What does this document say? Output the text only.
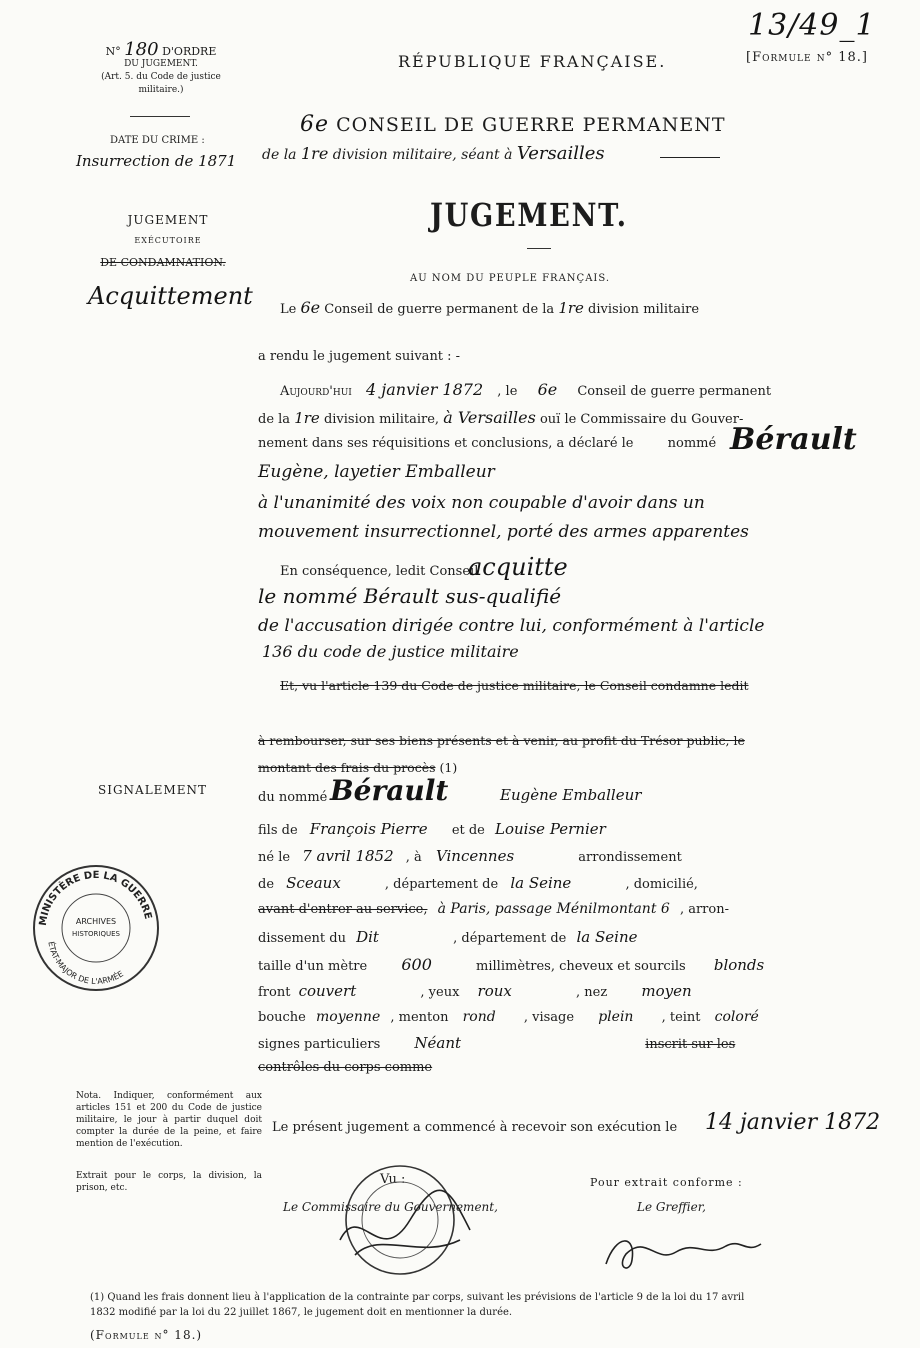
13/49_1
[Formule n° 18.]
N° 180 D'ORDRE
DU JUGEMENT.
(Art. 5. du Code de justice
militaire.)
RÉPUBLIQUE FRANÇAISE.
DATE DU CRIME :
Insurrection de 1871
6e CONSEIL DE GUERRE PERMANENT
de la 1re division militaire, séant à Versailles
JUGEMENT.
JUGEMENT
EXÉCUTOIRE
DE CONDAMNATION.
Acquittement
AU NOM DU PEUPLE FRANÇAIS.
Le 6e Conseil de guerre permanent de la 1re division militaire
a rendu le jugement suivant : -
Aujourd'hui 4 janvier 1872 , le 6e Conseil de guerre permanent
de la 1re division militaire, à Versailles ouï le Commissaire du Gouver-
nement dans ses réquisitions et conclusions, a déclaré le	nommé Bérault
Eugène, layetier Emballeur
à l'unanimité des voix non coupable d'avoir dans un
mouvement insurrectionnel, porté des armes apparentes
En conséquence, ledit Conseil
acquitte
le nommé Bérault sus-qualifié
de l'accusation dirigée contre lui, conformément à l'article
136 du code de justice militaire
Et, vu l'article 139 du Code de justice militaire, le Conseil condamne ledit
à rembourser, sur ses biens présents et à venir, au profit du Trésor public, le
montant des frais du procès (1)
SIGNALEMENT	du nommé Bérault	Eugène Emballeur
fils de François Pierre et de Louise Pernier
né le 7 avril 1852 , à Vincennes	arrondissement
de Sceaux	, département de la Seine	, domicilié,
avant d'entrer au service, à Paris, passage Ménilmontant 6 , arron-
dissement du Dit	, département de la Seine
taille d'un mètre 600	millimètres, cheveux et sourcils blonds
front couvert	, yeux roux	, nez moyen
bouche moyenne , menton rond , visage plein , teint coloré
signes particuliers Néant	inscrit sur les
contrôles du corps comme
MINISTÈRE DE LA GUERRE
ÉTAT-MAJOR DE L'ARMÉE
ARCHIVES
HISTORIQUES
Nota. Indiquer, conformément aux articles 151 et 200 du Code de justice militaire, le jour à partir duquel doit compter la durée de la peine, et faire mention de l'exécution.
Extrait pour le corps, la division, la prison, etc.
Le présent jugement a commencé à recevoir son exécution le 14 janvier 1872
Vu :
Le Commissaire du Gouvernement,
Pour extrait conforme :
Le Greffier,
(1) Quand les frais donnent lieu à l'application de la contrainte par corps, suivant les prévisions de l'article 9 de la loi du 17 avril
1832 modifié par la loi du 22 juillet 1867, le jugement doit en mentionner la durée.
(Formule n° 18.)
